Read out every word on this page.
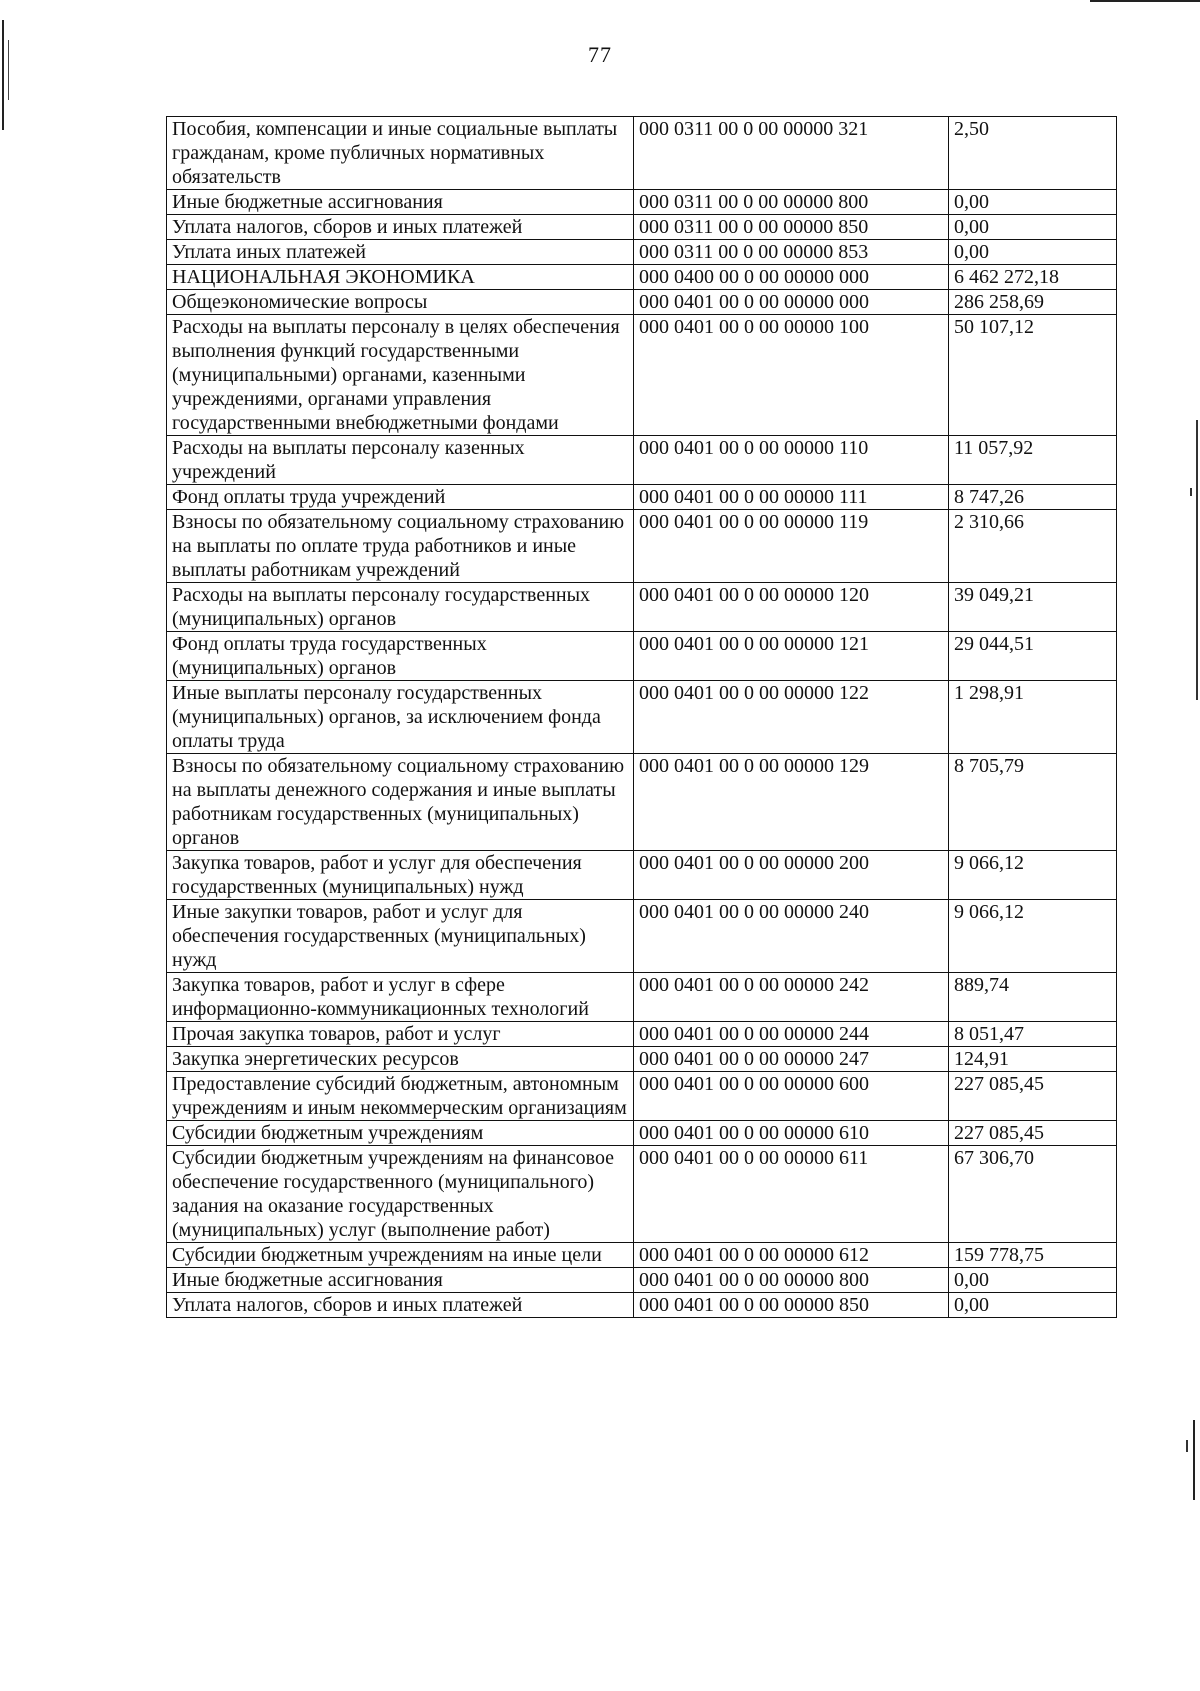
77
Пособия, компенсации и иные социальные выплаты гражданам, кроме публичных нормативных обязательств	000 0311 00 0 00 00000 321	2,50
Иные бюджетные ассигнования	000 0311 00 0 00 00000 800	0,00
Уплата налогов, сборов и иных платежей	000 0311 00 0 00 00000 850	0,00
Уплата иных платежей	000 0311 00 0 00 00000 853	0,00
НАЦИОНАЛЬНАЯ ЭКОНОМИКА	000 0400 00 0 00 00000 000	6 462 272,18
Общеэкономические вопросы	000 0401 00 0 00 00000 000	286 258,69
Расходы на выплаты персоналу в целях обеспечения выполнения функций государственными (муниципальными) органами, казенными учреждениями, органами управления государственными внебюджетными фондами	000 0401 00 0 00 00000 100	50 107,12
Расходы на выплаты персоналу казенных учреждений	000 0401 00 0 00 00000 110	11 057,92
Фонд оплаты труда учреждений	000 0401 00 0 00 00000 111	8 747,26
Взносы по обязательному социальному страхованию на выплаты по оплате труда работников и иные выплаты работникам учреждений	000 0401 00 0 00 00000 119	2 310,66
Расходы на выплаты персоналу государственных (муниципальных) органов	000 0401 00 0 00 00000 120	39 049,21
Фонд оплаты труда государственных (муниципальных) органов	000 0401 00 0 00 00000 121	29 044,51
Иные выплаты персоналу государственных (муниципальных) органов, за исключением фонда оплаты труда	000 0401 00 0 00 00000 122	1 298,91
Взносы по обязательному социальному страхованию на выплаты денежного содержания и иные выплаты работникам государственных (муниципальных) органов	000 0401 00 0 00 00000 129	8 705,79
Закупка товаров, работ и услуг для обеспечения государственных (муниципальных) нужд	000 0401 00 0 00 00000 200	9 066,12
Иные закупки товаров, работ и услуг для обеспечения государственных (муниципальных) нужд	000 0401 00 0 00 00000 240	9 066,12
Закупка товаров, работ и услуг в сфере информационно-коммуникационных технологий	000 0401 00 0 00 00000 242	889,74
Прочая закупка товаров, работ и услуг	000 0401 00 0 00 00000 244	8 051,47
Закупка энергетических ресурсов	000 0401 00 0 00 00000 247	124,91
Предоставление субсидий бюджетным, автономным учреждениям и иным некоммерческим организациям	000 0401 00 0 00 00000 600	227 085,45
Субсидии бюджетным учреждениям	000 0401 00 0 00 00000 610	227 085,45
Субсидии бюджетным учреждениям на финансовое обеспечение государственного (муниципального) задания на оказание государственных (муниципальных) услуг (выполнение работ)	000 0401 00 0 00 00000 611	67 306,70
Субсидии бюджетным учреждениям на иные цели	000 0401 00 0 00 00000 612	159 778,75
Иные бюджетные ассигнования	000 0401 00 0 00 00000 800	0,00
Уплата налогов, сборов и иных платежей	000 0401 00 0 00 00000 850	0,00
